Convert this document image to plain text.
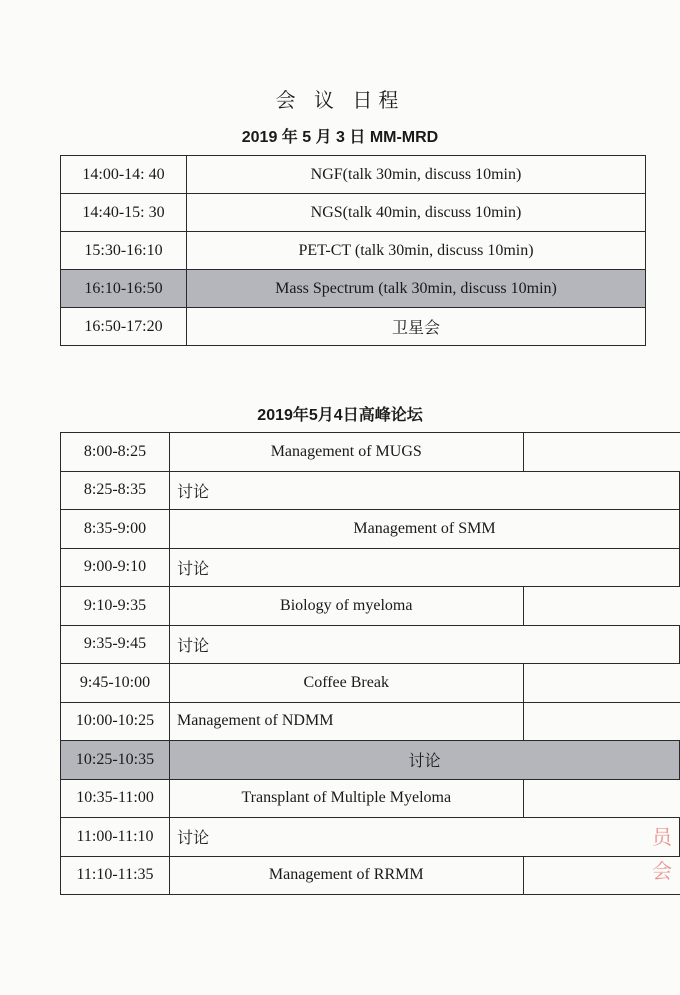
会 议 日程
2019 年 5 月 3 日 MM-MRD
14:00-14: 40	NGF(talk 30min, discuss 10min)
14:40-15: 30	NGS(talk 40min, discuss 10min)
15:30-16:10	PET-CT (talk 30min, discuss 10min)
16:10-16:50	Mass Spectrum (talk 30min, discuss 10min)
16:50-17:20	卫星会
2019年5月4日高峰论坛
8:00-8:25	Management of MUGS	
8:25-8:35	讨论	
8:35-9:00	Management of SMM	
9:00-9:10	讨论	
9:10-9:35	Biology of myeloma	
9:35-9:45	讨论	
9:45-10:00	Coffee Break	
10:00-10:25	Management of NDMM	
10:25-10:35	讨论	
10:35-11:00	Transplant of Multiple Myeloma	
11:00-11:10	讨论	
11:10-11:35	Management of RRMM	
员会
